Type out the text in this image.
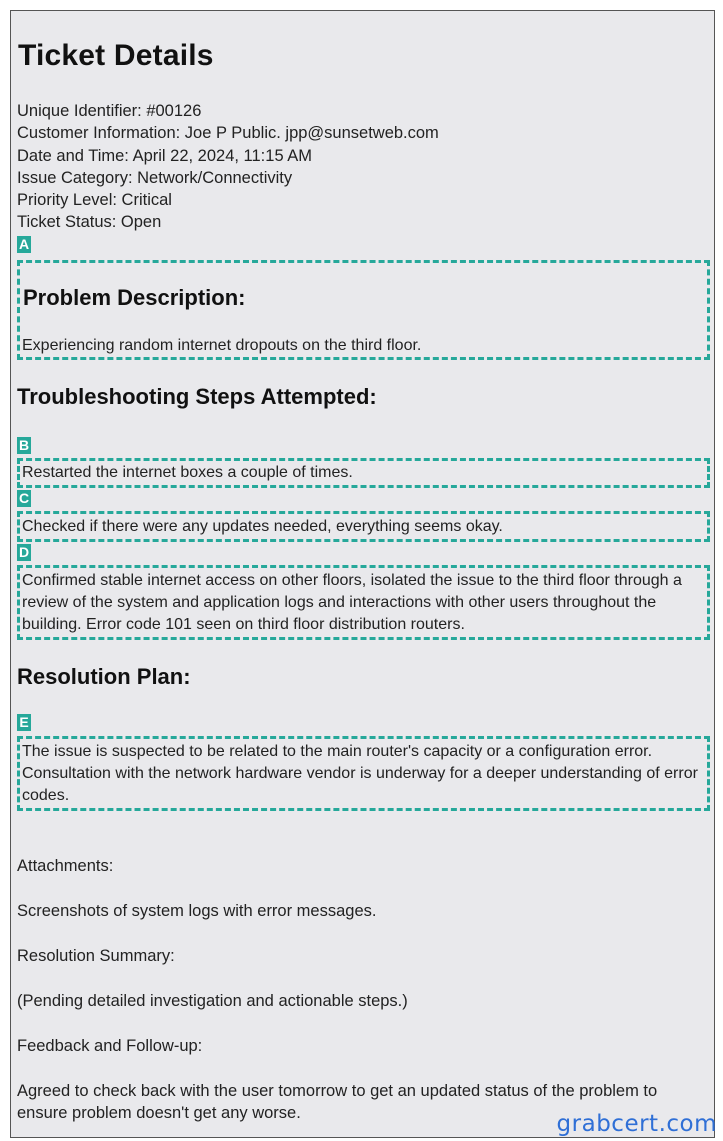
Ticket Details
Unique Identifier: #00126
Customer Information: Joe P Public. jpp@sunsetweb.com
Date and Time: April 22, 2024, 11:15 AM
Issue Category: Network/Connectivity
Priority Level: Critical
Ticket Status: Open
A
Problem Description:
Experiencing random internet dropouts on the third floor.
Troubleshooting Steps Attempted:
B
Restarted the internet boxes a couple of times.
C
Checked if there were any updates needed, everything seems okay.
D
Confirmed stable internet access on other floors, isolated the issue to the third floor through a review of the system and application logs and interactions with other users throughout the building. Error code 101 seen on third floor distribution routers.
Resolution Plan:
E
The issue is suspected to be related to the main router's capacity or a configuration error. Consultation with the network hardware vendor is underway for a deeper understanding of error codes.
Attachments:
Screenshots of system logs with error messages.
Resolution Summary:
(Pending detailed investigation and actionable steps.)
Feedback and Follow-up:
Agreed to check back with the user tomorrow to get an updated status of the problem to ensure problem doesn't get any worse.	grabcert.com
